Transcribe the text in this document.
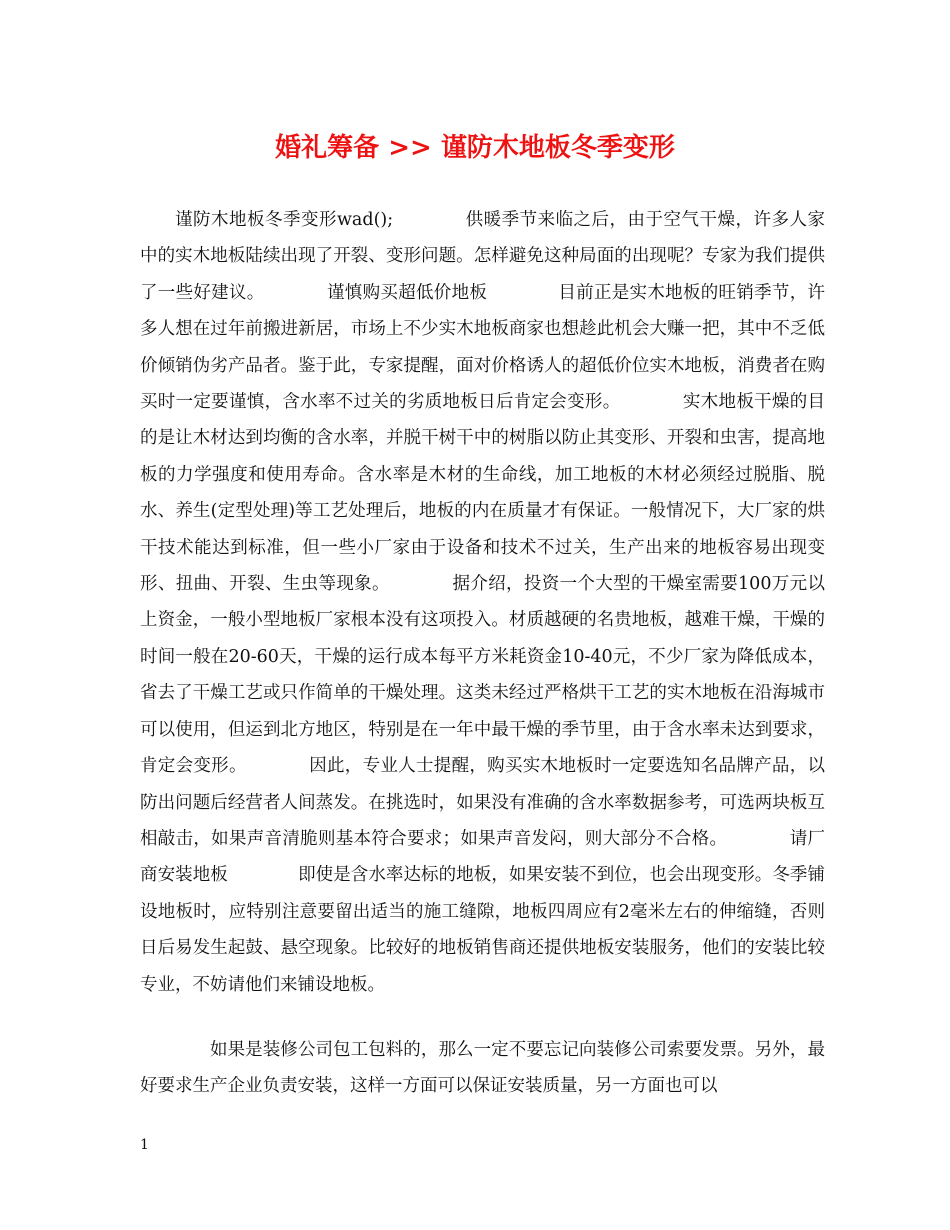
婚礼筹备 >> 谨防木地板冬季变形

谨防木地板冬季变形wad();　　　　供暖季节来临之后，由于空气干燥，许多人家中的实木地板陆续出现了开裂、变形问题。怎样避免这种局面的出现呢？专家为我们提供了一些好建议。　　　　谨慎购买超低价地板　　　　目前正是实木地板的旺销季节，许多人想在过年前搬进新居，市场上不少实木地板商家也想趁此机会大赚一把，其中不乏低价倾销伪劣产品者。鉴于此，专家提醒，面对价格诱人的超低价位实木地板，消费者在购买时一定要谨慎，含水率不过关的劣质地板日后肯定会变形。　　　　实木地板干燥的目的是让木材达到均衡的含水率，并脱干树干中的树脂以防止其变形、开裂和虫害，提高地板的力学强度和使用寿命。含水率是木材的生命线，加工地板的木材必须经过脱脂、脱水、养生(定型处理)等工艺处理后，地板的内在质量才有保证。一般情况下，大厂家的烘干技术能达到标准，但一些小厂家由于设备和技术不过关，生产出来的地板容易出现变形、扭曲、开裂、生虫等现象。　　　　据介绍，投资一个大型的干燥室需要100万元以上资金，一般小型地板厂家根本没有这项投入。材质越硬的名贵地板，越难干燥，干燥的时间一般在20-60天，干燥的运行成本每平方米耗资金10-40元，不少厂家为降低成本，省去了干燥工艺或只作简单的干燥处理。这类未经过严格烘干工艺的实木地板在沿海城市可以使用，但运到北方地区，特别是在一年中最干燥的季节里，由于含水率未达到要求，肯定会变形。　　　　因此，专业人士提醒，购买实木地板时一定要选知名品牌产品，以防出问题后经营者人间蒸发。在挑选时，如果没有准确的含水率数据参考，可选两块板互相敲击，如果声音清脆则基本符合要求；如果声音发闷，则大部分不合格。　　　　请厂商安装地板　　　　即使是含水率达标的地板，如果安装不到位，也会出现变形。冬季铺设地板时，应特别注意要留出适当的施工缝隙，地板四周应有2毫米左右的伸缩缝，否则日后易发生起鼓、悬空现象。比较好的地板销售商还提供地板安装服务，他们的安装比较专业，不妨请他们来铺设地板。

如果是装修公司包工包料的，那么一定不要忘记向装修公司索要发票。另外，最好要求生产企业负责安装，这样一方面可以保证安装质量，另一方面也可以

1
